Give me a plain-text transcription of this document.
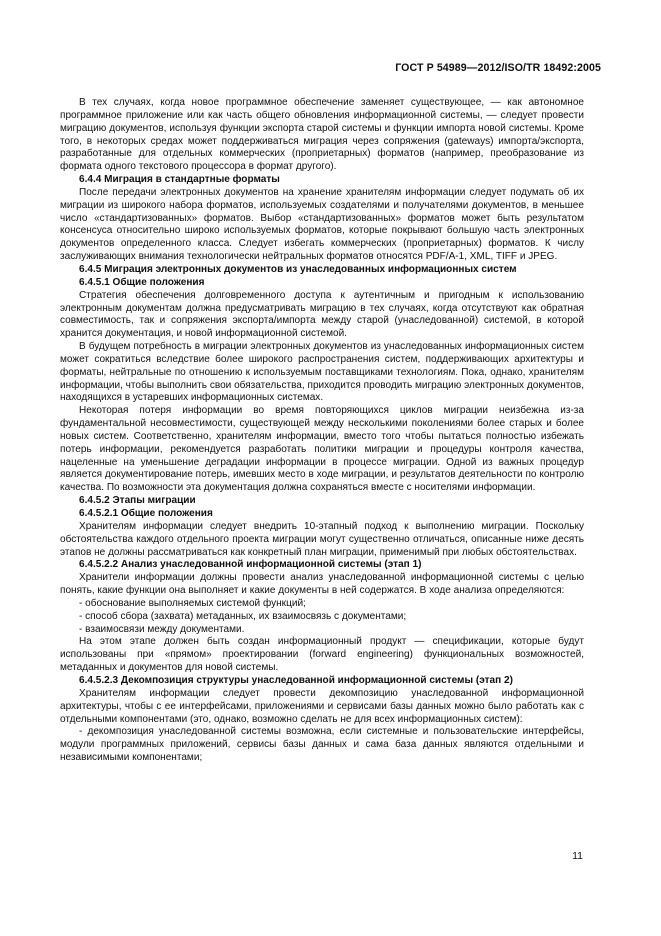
ГОСТ Р 54989—2012/ISO/TR 18492:2005

В тех случаях, когда новое программное обеспечение заменяет существующее, — как автономное программное приложение или как часть общего обновления информационной системы, — следует провести миграцию документов, используя функции экспорта старой системы и функции импорта новой системы. Кроме того, в некоторых средах может поддерживаться миграция через сопряжения (gateways) импорта/экспорта, разработанные для отдельных коммерческих (проприетарных) форматов (например, преобразование из формата одного текстового процессора в формат другого).

6.4.4 Миграция в стандартные форматы

После передачи электронных документов на хранение хранителям информации следует подумать об их миграции из широкого набора форматов, используемых создателями и получателями документов, в меньшее число «стандартизованных» форматов. Выбор «стандартизованных» форматов может быть результатом консенсуса относительно широко используемых форматов, которые покрывают большую часть электронных документов определенного класса. Следует избегать коммерческих (проприетарных) форматов. К числу заслуживающих внимания технологически нейтральных форматов относятся PDF/A-1, XML, TIFF и JPEG.

6.4.5 Миграция электронных документов из унаследованных информационных систем

6.4.5.1 Общие положения

Стратегия обеспечения долговременного доступа к аутентичным и пригодным к использованию электронным документам должна предусматривать миграцию в тех случаях, когда отсутствуют как обратная совместимость, так и сопряжения экспорта/импорта между старой (унаследованной) системой, в которой хранится документация, и новой информационной системой.

В будущем потребность в миграции электронных документов из унаследованных информационных систем может сократиться вследствие более широкого распространения систем, поддерживающих архитектуры и форматы, нейтральные по отношению к используемым поставщиками технологиям. Пока, однако, хранителям информации, чтобы выполнить свои обязательства, приходится проводить миграцию электронных документов, находящихся в устаревших информационных системах.

Некоторая потеря информации во время повторяющихся циклов миграции неизбежна из-за фундаментальной несовместимости, существующей между несколькими поколениями более старых и более новых систем. Соответственно, хранителям информации, вместо того чтобы пытаться полностью избежать потерь информации, рекомендуется разработать политики миграции и процедуры контроля качества, нацеленные на уменьшение деградации информации в процессе миграции. Одной из важных процедур является документирование потерь, имевших место в ходе миграции, и результатов деятельности по контролю качества. По возможности эта документация должна сохраняться вместе с носителями информации.

6.4.5.2 Этапы миграции

6.4.5.2.1 Общие положения

Хранителям информации следует внедрить 10-этапный подход к выполнению миграции. Поскольку обстоятельства каждого отдельного проекта миграции могут существенно отличаться, описанные ниже десять этапов не должны рассматриваться как конкретный план миграции, применимый при любых обстоятельствах.

6.4.5.2.2 Анализ унаследованной информационной системы (этап 1)

Хранители информации должны провести анализ унаследованной информационной системы с целью понять, какие функции она выполняет и какие документы в ней содержатся. В ходе анализа определяются:

- обоснование выполняемых системой функций;

- способ сбора (захвата) метаданных, их взаимосвязь с документами;

- взаимосвязи между документами.

На этом этапе должен быть создан информационный продукт — спецификации, которые будут использованы при «прямом» проектировании (forward engineering) функциональных возможностей, метаданных и документов для новой системы.

6.4.5.2.3 Декомпозиция структуры унаследованной информационной системы (этап 2)

Хранителям информации следует провести декомпозицию унаследованной информационной архитектуры, чтобы с ее интерфейсами, приложениями и сервисами базы данных можно было работать как с отдельными компонентами (это, однако, возможно сделать не для всех информационных систем):

- декомпозиция унаследованной системы возможна, если системные и пользовательские интерфейсы, модули программных приложений, сервисы базы данных и сама база данных являются отдельными и независимыми компонентами;

11
